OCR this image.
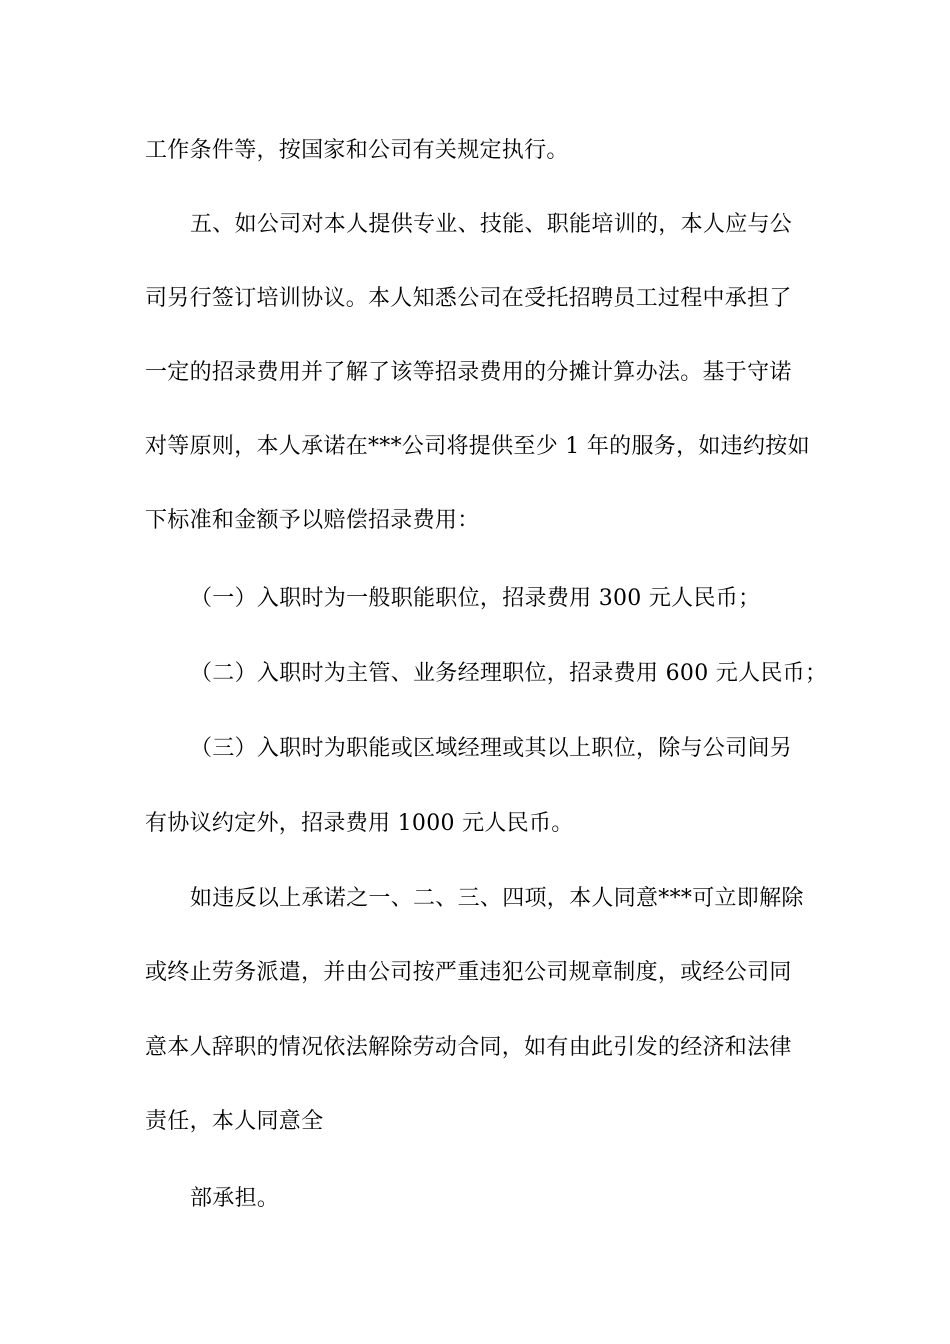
工作条件等，按国家和公司有关规定执行。
五、如公司对本人提供专业、技能、职能培训的，本人应与公
司另行签订培训协议。本人知悉公司在受托招聘员工过程中承担了
一定的招录费用并了解了该等招录费用的分摊计算办法。基于守诺
对等原则，本人承诺在***公司将提供至少 1 年的服务，如违约按如
下标准和金额予以赔偿招录费用：
（一）入职时为一般职能职位，招录费用 300 元人民币；
（二）入职时为主管、业务经理职位，招录费用 600 元人民币；
（三）入职时为职能或区域经理或其以上职位，除与公司间另
有协议约定外，招录费用 1000 元人民币。
如违反以上承诺之一、二、三、四项，本人同意***可立即解除
或终止劳务派遣，并由公司按严重违犯公司规章制度，或经公司同
意本人辞职的情况依法解除劳动合同，如有由此引发的经济和法律
责任，本人同意全
部承担。
